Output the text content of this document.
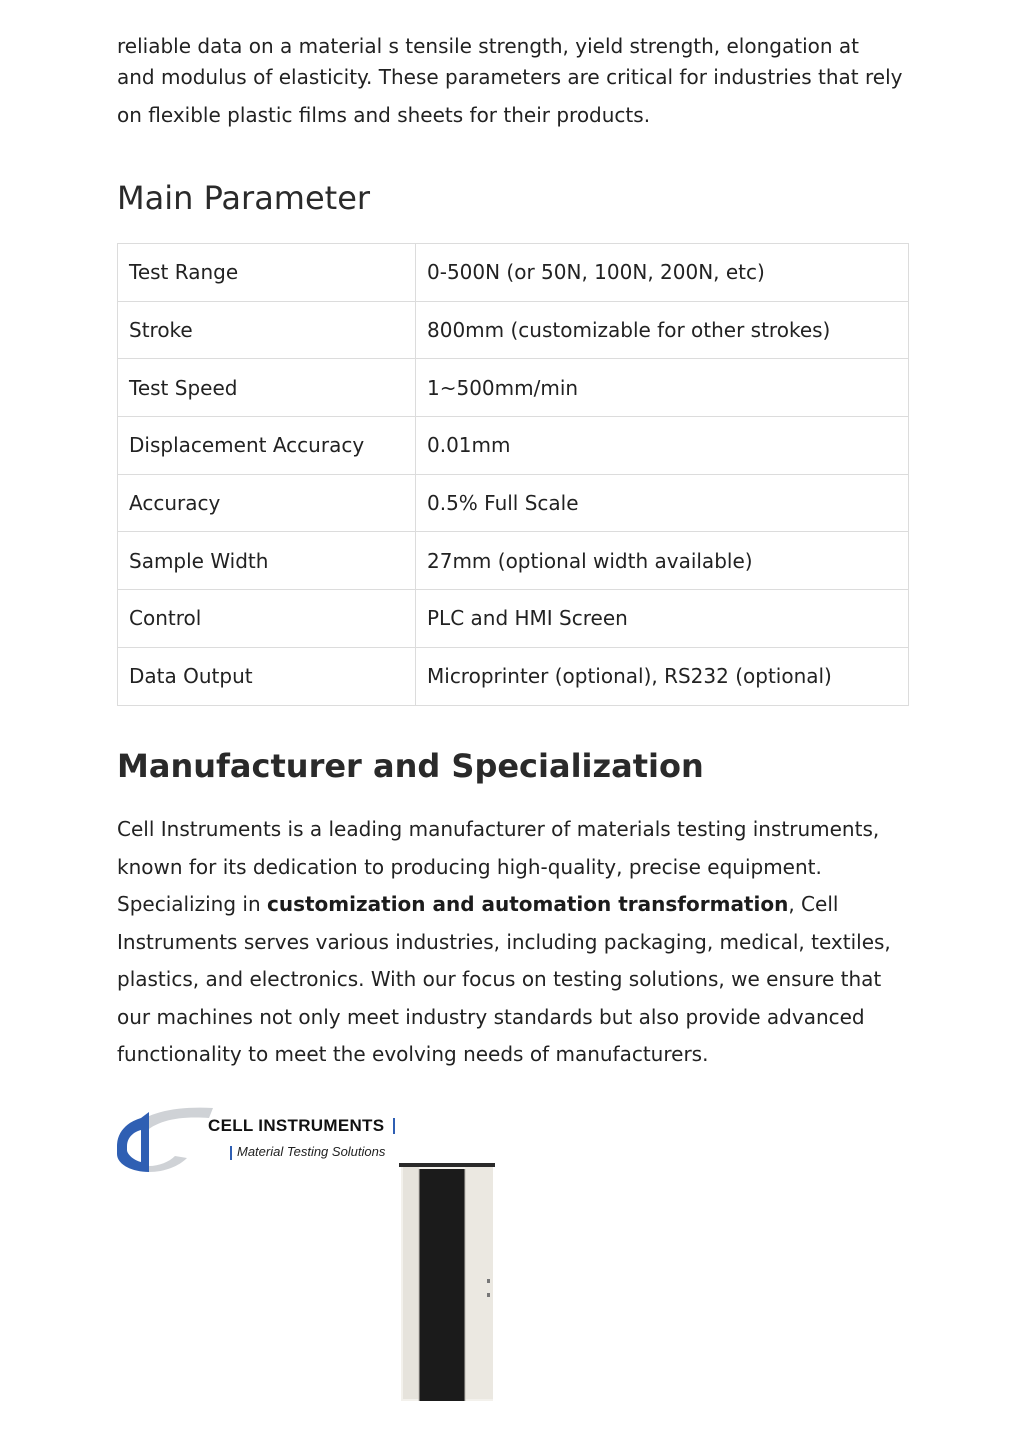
reliable data on a material s tensile strength, yield strength, elongation at
and modulus of elasticity. These parameters are critical for industries that rely on flexible plastic films and sheets for their products.

Main Parameter
Test Range	0-500N (or 50N, 100N, 200N, etc)
Stroke	800mm (customizable for other strokes)
Test Speed	1~500mm/min
Displacement Accuracy	0.01mm
Accuracy	0.5% Full Scale
Sample Width	27mm (optional width available)
Control	PLC and HMI Screen
Data Output	Microprinter (optional), RS232 (optional)
Manufacturer and Specialization

Cell Instruments is a leading manufacturer of materials testing instruments, known for its dedication to producing high-quality, precise equipment. Specializing in customization and automation transformation, Cell Instruments serves various industries, including packaging, medical, textiles, plastics, and electronics. With our focus on testing solutions, we ensure that our machines not only meet industry standards but also provide advanced functionality to meet the evolving needs of manufacturers.

CELL INSTRUMENTS
Material Testing Solutions
